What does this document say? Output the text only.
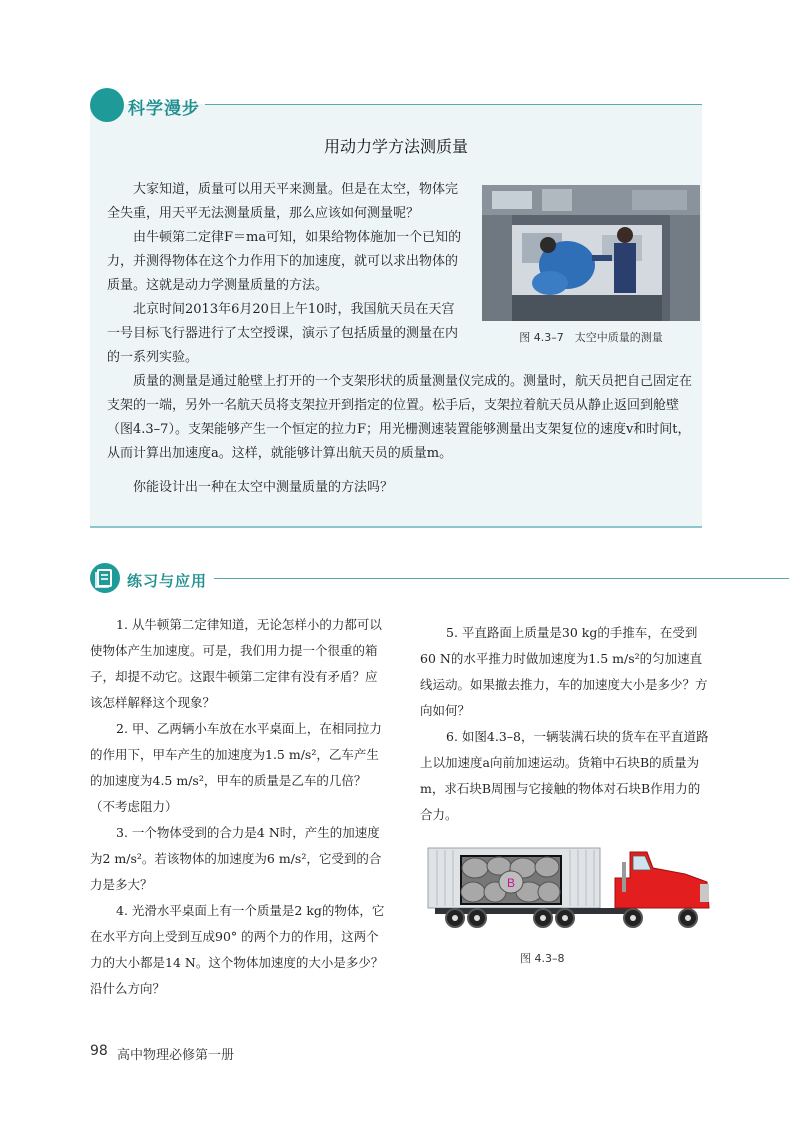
科学漫步
用动力学方法测质量

大家知道，质量可以用天平来测量。但是在太空，物体完全失重，用天平无法测量质量，那么应该如何测量呢？

由牛顿第二定律F＝ma可知，如果给物体施加一个已知的力，并测得物体在这个力作用下的加速度，就可以求出物体的质量。这就是动力学测量质量的方法。

北京时间2013年6月20日上午10时，我国航天员在天宫一号目标飞行器进行了太空授课，演示了包括质量的测量在内的一系列实验。

质量的测量是通过舱壁上打开的一个支架形状的质量测量仪完成的。测量时，航天员把自己固定在支架的一端，另外一名航天员将支架拉开到指定的位置。松手后，支架拉着航天员从静止返回到舱壁（图4.3–7）。支架能够产生一个恒定的拉力F；用光栅测速装置能够测量出支架复位的速度v和时间t，从而计算出加速度a。这样，就能够计算出航天员的质量m。

你能设计出一种在太空中测量质量的方法吗？

图 4.3–7　太空中质量的测量
练习与应用

1. 从牛顿第二定律知道，无论怎样小的力都可以使物体产生加速度。可是，我们用力提一个很重的箱子，却提不动它。这跟牛顿第二定律有没有矛盾？应该怎样解释这个现象？

2. 甲、乙两辆小车放在水平桌面上，在相同拉力的作用下，甲车产生的加速度为1.5 m/s²，乙车产生的加速度为4.5 m/s²，甲车的质量是乙车的几倍？（不考虑阻力）

3. 一个物体受到的合力是4 N时，产生的加速度为2 m/s²。若该物体的加速度为6 m/s²，它受到的合力是多大？

4. 光滑水平桌面上有一个质量是2 kg的物体，它在水平方向上受到互成90° 的两个力的作用，这两个力的大小都是14 N。这个物体加速度的大小是多少？沿什么方向？

5. 平直路面上质量是30 kg的手推车，在受到60 N的水平推力时做加速度为1.5 m/s²的匀加速直线运动。如果撤去推力，车的加速度大小是多少？方向如何？

6. 如图4.3–8，一辆装满石块的货车在平直道路上以加速度a向前加速运动。货箱中石块B的质量为m，求石块B周围与它接触的物体对石块B作用力的合力。

B
图 4.3–8
98 高中物理必修第一册
